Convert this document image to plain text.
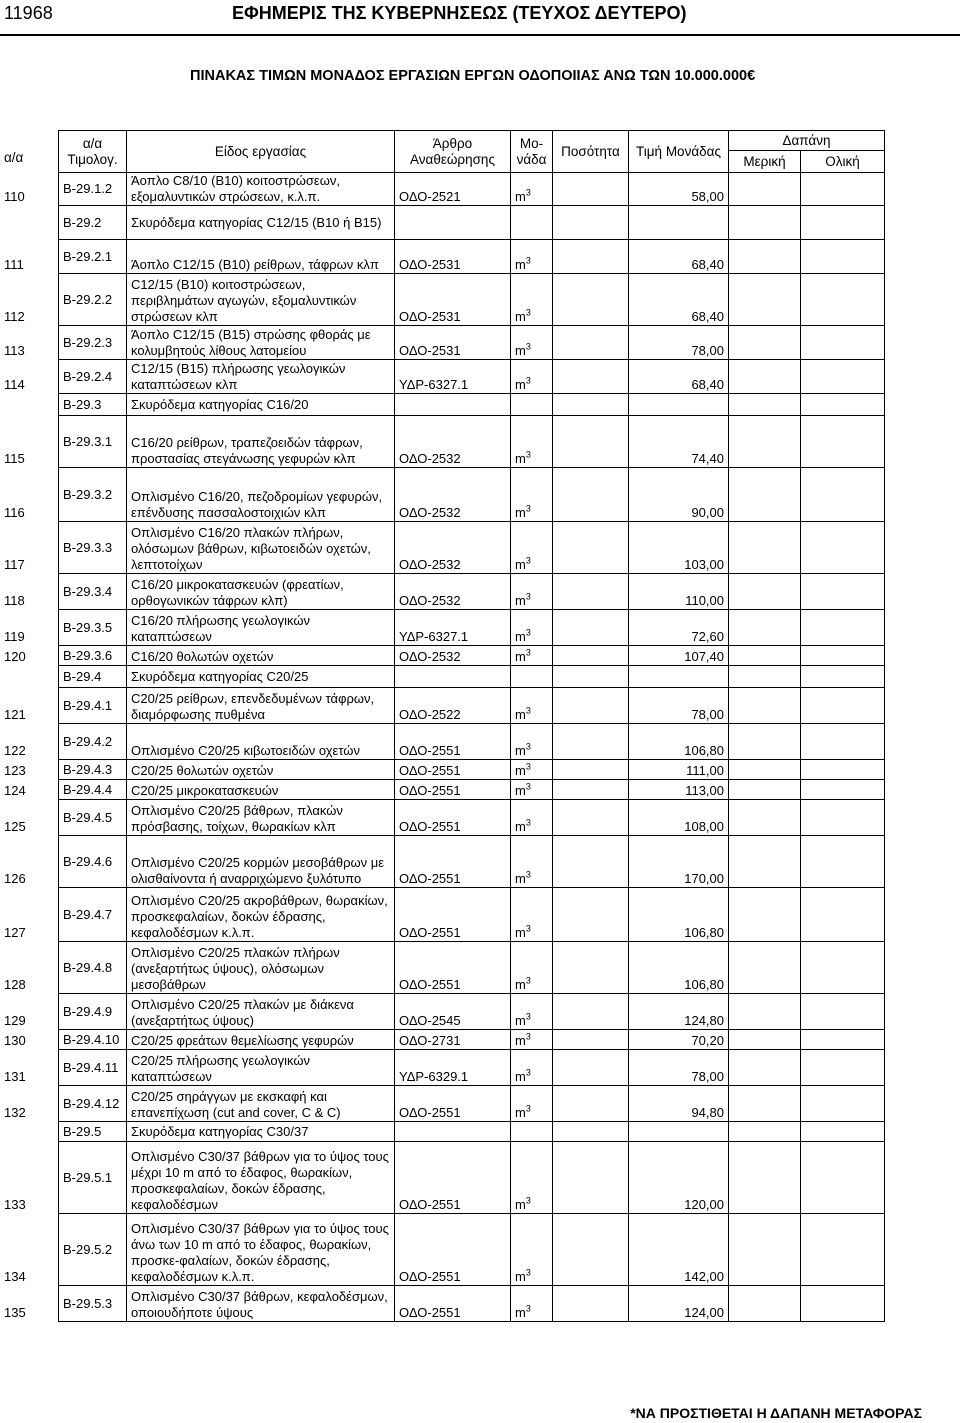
11968	ΕΦΗΜΕΡΙΣ ΤΗΣ ΚΥΒΕΡΝΗΣΕΩΣ (ΤΕΥΧΟΣ ΔΕΥΤΕΡΟ)
ΠΙΝΑΚΑΣ ΤΙΜΩΝ ΜΟΝΑΔΟΣ ΕΡΓΑΣΙΩΝ ΕΡΓΩΝ ΟΔΟΠΟΙΙΑΣ ΑΝΩ ΤΩΝ 10.000.000€
α/α
	α/α Τιμολογ.	Είδος εργασίας	Άρθρο Αναθεώρησης	Μο-νάδα	Ποσότητα	Τιμή Μονάδας	Δαπάνη	
							Μερική	Ολική

110	Β-29.1.2	Άοπλο C8/10 (Β10) κοιτοστρώσεων, εξομαλυντικών στρώσεων, κ.λ.π.	ΟΔΟ-2521	$m^3$		58,00		

	Β-29.2	Σκυρόδεμα κατηγορίας C12/15 (Β10 ή Β15)						

111	Β-29.2.1	Άοπλο C12/15 (Β10) ρείθρων, τάφρων κλπ	ΟΔΟ-2531	$m^3$		68,40		

112	Β-29.2.2	C12/15 (Β10) κοιτοστρώσεων, περιβλημάτων αγωγών, εξομαλυντικών στρώσεων κλπ	ΟΔΟ-2531	$m^3$		68,40		

113	Β-29.2.3	Άοπλο C12/15 (Β15) στρώσης φθοράς με κολυμβητούς λίθους λατομείου	ΟΔΟ-2531	$m^3$		78,00		

114	Β-29.2.4	C12/15 (Β15) πλήρωσης γεωλογικών καταπτώσεων κλπ	ΥΔΡ-6327.1	$m^3$		68,40		

	Β-29.3	Σκυρόδεμα κατηγορίας C16/20						

115	Β-29.3.1	C16/20 ρείθρων, τραπεζοειδών τάφρων, προστασίας στεγάνωσης γεφυρών κλπ	ΟΔΟ-2532	$m^3$		74,40		

116	Β-29.3.2	Οπλισμένο C16/20, πεζοδρομίων γεφυρών, επένδυσης πασσαλοστοιχιών κλπ	ΟΔΟ-2532	$m^3$		90,00		

117	Β-29.3.3	Οπλισμένο C16/20 πλακών πλήρων, ολόσωμων βάθρων, κιβωτοειδών οχετών, λεπτοτοίχων	ΟΔΟ-2532	$m^3$		103,00		

118	Β-29.3.4	C16/20 μικροκατασκευών (φρεατίων, ορθογωνικών τάφρων κλπ)	ΟΔΟ-2532	$m^3$		110,00		

119	Β-29.3.5	C16/20 πλήρωσης γεωλογικών καταπτώσεων	ΥΔΡ-6327.1	$m^3$		72,60		

120	Β-29.3.6	C16/20 θολωτών οχετών	ΟΔΟ-2532	$m^3$		107,40		

	Β-29.4	Σκυρόδεμα κατηγορίας C20/25						

121	Β-29.4.1	C20/25 ρείθρων, επενδεδυμένων τάφρων, διαμόρφωσης πυθμένα	ΟΔΟ-2522	$m^3$		78,00		

122	Β-29.4.2	Οπλισμένο C20/25 κιβωτοειδών οχετών	ΟΔΟ-2551	$m^3$		106,80		

123	Β-29.4.3	C20/25 θολωτών οχετών	ΟΔΟ-2551	$m^3$		111,00		

124	Β-29.4.4	C20/25 μικροκατασκευών	ΟΔΟ-2551	$m^3$		113,00		

125	Β-29.4.5	Οπλισμένο C20/25 βάθρων, πλακών πρόσβασης, τοίχων, θωρακίων κλπ	ΟΔΟ-2551	$m^3$		108,00		

126	Β-29.4.6	Οπλισμένο C20/25 κορμών μεσοβάθρων με ολισθαίνοντα ή αναρριχώμενο ξυλότυπο	ΟΔΟ-2551	$m^3$		170,00		

127	Β-29.4.7	Οπλισμένο C20/25 ακροβάθρων, θωρακίων, προσκεφαλαίων, δοκών έδρασης, κεφαλοδέσμων κ.λ.π.	ΟΔΟ-2551	$m^3$		106,80		

128	Β-29.4.8	Οπλισμένο C20/25 πλακών πλήρων (ανεξαρτήτως ύψους), ολόσωμων μεσοβάθρων	ΟΔΟ-2551	$m^3$		106,80		

129	Β-29.4.9	Οπλισμένο C20/25 πλακών με διάκενα (ανεξαρτήτως ύψους)	ΟΔΟ-2545	$m^3$		124,80		

130	Β-29.4.10	C20/25 φρεάτων θεμελίωσης γεφυρών	ΟΔΟ-2731	$m^3$		70,20		

131	Β-29.4.11	C20/25 πλήρωσης γεωλογικών καταπτώσεων	ΥΔΡ-6329.1	$m^3$		78,00		

132	Β-29.4.12	C20/25 σηράγγων με εκσκαφή και επανεπίχωση (cut and cover, C & C)	ΟΔΟ-2551	$m^3$		94,80		

	Β-29.5	Σκυρόδεμα κατηγορίας C30/37						

133	Β-29.5.1	Οπλισμένο C30/37 βάθρων για το ύψος τους μέχρι 10 m από το έδαφος, θωρακίων, προσκεφαλαίων, δοκών έδρασης, κεφαλοδέσμων	ΟΔΟ-2551	$m^3$		120,00		

134	Β-29.5.2	Οπλισμένο C30/37 βάθρων για το ύψος τους άνω των 10 m από το έδαφος, θωρακίων, προσκε-φαλαίων, δοκών έδρασης, κεφαλοδέσμων κ.λ.π.	ΟΔΟ-2551	$m^3$		142,00		

135	Β-29.5.3	Οπλισμένο C30/37 βάθρων, κεφαλοδέσμων, οποιουδήποτε ύψους	ΟΔΟ-2551	$m^3$		124,00		
*ΝΑ ΠΡΟΣΤΙΘΕΤΑΙ Η ΔΑΠΑΝΗ ΜΕΤΑΦΟΡΑΣ
